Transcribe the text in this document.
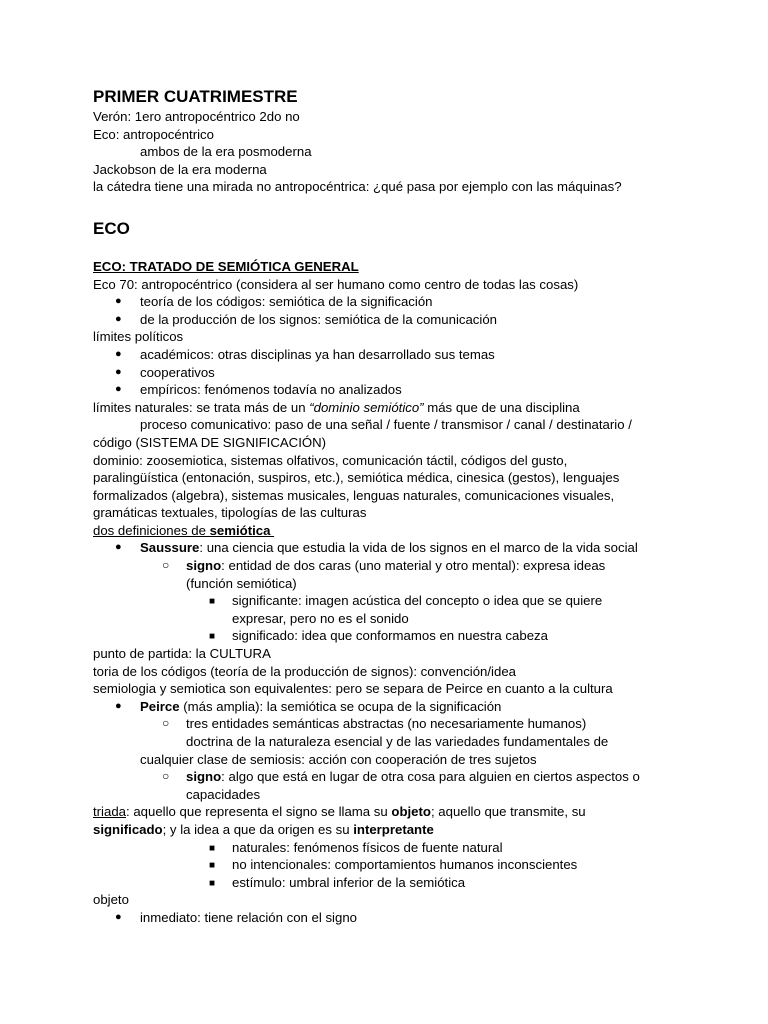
PRIMER CUATRIMESTRE

Verón: 1ero antropocéntrico 2do no

Eco: antropocéntrico

ambos de la era posmoderna

Jackobson de la era moderna

la cátedra tiene una mirada no antropocéntrica: ¿qué pasa por ejemplo con las máquinas?

ECO

ECO: TRATADO DE SEMIÓTICA GENERAL

Eco 70: antropocéntrico (considera al ser humano como centro de todas las cosas)

● teoría de los códigos: semiótica de la significación

● de la producción de los signos: semiótica de la comunicación

límites políticos

● académicos: otras disciplinas ya han desarrollado sus temas

● cooperativos

● empíricos: fenómenos todavía no analizados

límites naturales: se trata más de un “dominio semiótico” más que de una disciplina

proceso comunicativo: paso de una señal / fuente / transmisor / canal / destinatario /

código (SISTEMA DE SIGNIFICACIÓN)

dominio: zoosemiotica, sistemas olfativos, comunicación táctil, códigos del gusto,

paralingüística (entonación, suspiros, etc.), semiótica médica, cinesica (gestos), lenguajes

formalizados (algebra), sistemas musicales, lenguas naturales, comunicaciones visuales,

gramáticas textuales, tipologías de las culturas

dos definiciones de semiótica

● Saussure: una ciencia que estudia la vida de los signos en el marco de la vida social

○ signo: entidad de dos caras (uno material y otro mental): expresa ideas

(función semiótica)

■ significante: imagen acústica del concepto o idea que se quiere

expresar, pero no es el sonido

■ significado: idea que conformamos en nuestra cabeza

punto de partida: la CULTURA

toria de los códigos (teoría de la producción de signos): convención/idea

semiologia y semiotica son equivalentes: pero se separa de Peirce en cuanto a la cultura

● Peirce (más amplia): la semiótica se ocupa de la significación

○ tres entidades semánticas abstractas (no necesariamente humanos)

doctrina de la naturaleza esencial y de las variedades fundamentales de

cualquier clase de semiosis: acción con cooperación de tres sujetos

○ signo: algo que está en lugar de otra cosa para alguien en ciertos aspectos o

capacidades

triada: aquello que representa el signo se llama su objeto; aquello que transmite, su

significado; y la idea a que da origen es su interpretante

■ naturales: fenómenos físicos de fuente natural

■ no intencionales: comportamientos humanos inconscientes

■ estímulo: umbral inferior de la semiótica

objeto

● inmediato: tiene relación con el signo
